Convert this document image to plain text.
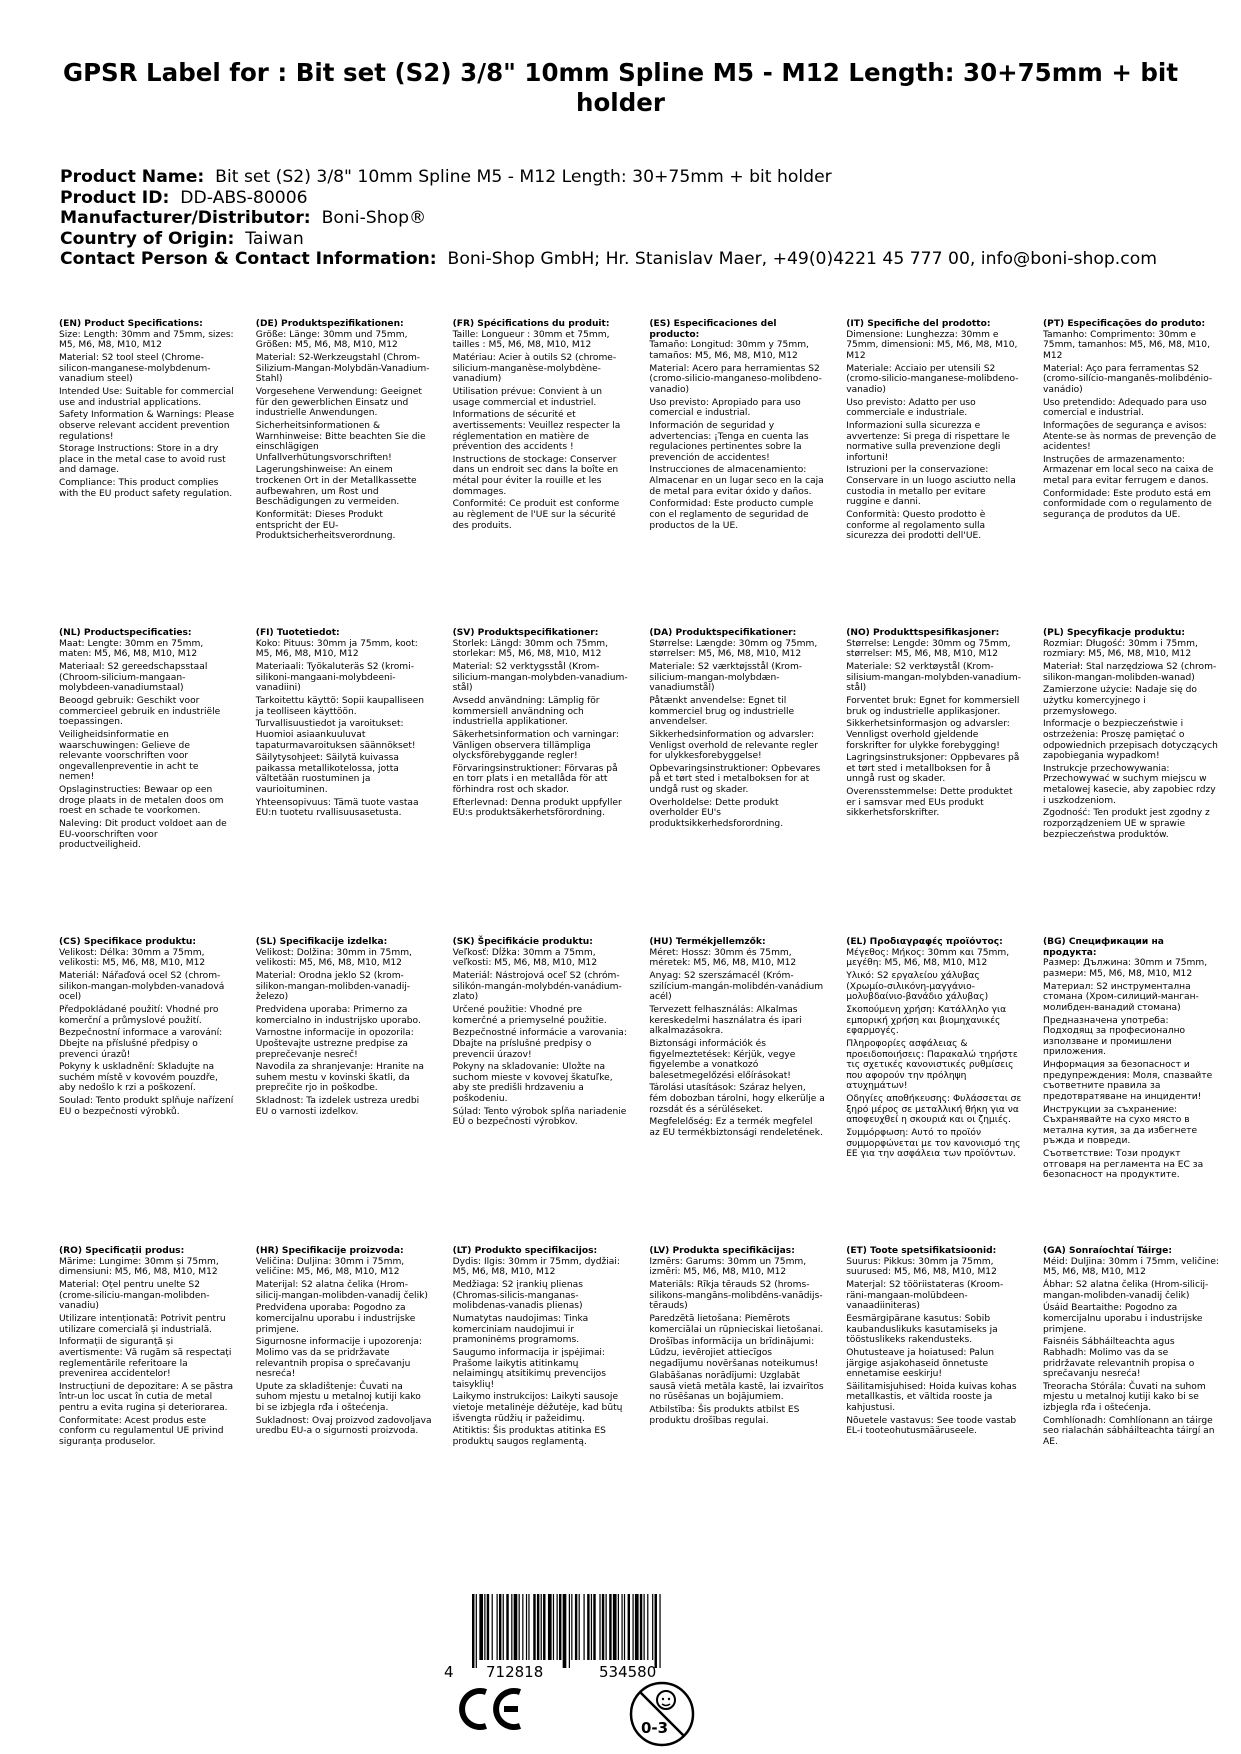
GPSR Label for : Bit set (S2) 3/8" 10mm Spline M5 - M12 Length: 30+75mm + bit holder
Product Name: Bit set (S2) 3/8" 10mm Spline M5 - M12 Length: 30+75mm + bit holder
Product ID: DD-ABS-80006
Manufacturer/Distributor: Boni-Shop®
Country of Origin: Taiwan
Contact Person & Contact Information: Boni-Shop GmbH; Hr. Stanislav Maer, +49(0)4221 45 777 00, info@boni-shop.com
(EN) Product Specifications:

Size: Length: 30mm and 75mm, sizes: M5, M6, M8, M10, M12

Material: S2 tool steel (Chrome-silicon-manganese-molybdenum-vanadium steel)

Intended Use: Suitable for commercial use and industrial applications.

Safety Information & Warnings: Please observe relevant accident prevention regulations!

Storage Instructions: Store in a dry place in the metal case to avoid rust and damage.

Compliance: This product complies with the EU product safety regulation.

(DE) Produktspezifikationen:

Größe: Länge: 30mm und 75mm, Größen: M5, M6, M8, M10, M12

Material: S2-Werkzeugstahl (Chrom-Silizium-Mangan-Molybdän-Vanadium-Stahl)

Vorgesehene Verwendung: Geeignet für den gewerblichen Einsatz und industrielle Anwendungen.

Sicherheitsinformationen & Warnhinweise: Bitte beachten Sie die einschlägigen Unfallverhütungsvorschriften!

Lagerungshinweise: An einem trockenen Ort in der Metallkassette aufbewahren, um Rost und Beschädigungen zu vermeiden.

Konformität: Dieses Produkt entspricht der EU-Produktsicherheitsverordnung.

(FR) Spécifications du produit:

Taille: Longueur : 30mm et 75mm, tailles : M5, M6, M8, M10, M12

Matériau: Acier à outils S2 (chrome-silicium-manganèse-molybdène-vanadium)

Utilisation prévue: Convient à un usage commercial et industriel.

Informations de sécurité et avertissements: Veuillez respecter la réglementation en matière de prévention des accidents !

Instructions de stockage: Conserver dans un endroit sec dans la boîte en métal pour éviter la rouille et les dommages.

Conformité: Ce produit est conforme au règlement de l'UE sur la sécurité des produits.

(ES) Especificaciones del producto:

Tamaño: Longitud: 30mm y 75mm, tamaños: M5, M6, M8, M10, M12

Material: Acero para herramientas S2 (cromo-silicio-manganeso-molibdeno-vanadio)

Uso previsto: Apropiado para uso comercial e industrial.

Información de seguridad y advertencias: ¡Tenga en cuenta las regulaciones pertinentes sobre la prevención de accidentes!

Instrucciones de almacenamiento: Almacenar en un lugar seco en la caja de metal para evitar óxido y daños.

Conformidad: Este producto cumple con el reglamento de seguridad de productos de la UE.

(IT) Specifiche del prodotto:

Dimensione: Lunghezza: 30mm e 75mm, dimensioni: M5, M6, M8, M10, M12

Materiale: Acciaio per utensili S2 (cromo-silicio-manganese-molibdeno-vanadio)

Uso previsto: Adatto per uso commerciale e industriale.

Informazioni sulla sicurezza e avvertenze: Si prega di rispettare le normative sulla prevenzione degli infortuni!

Istruzioni per la conservazione: Conservare in un luogo asciutto nella custodia in metallo per evitare ruggine e danni.

Conformità: Questo prodotto è conforme al regolamento sulla sicurezza dei prodotti dell'UE.

(PT) Especificações do produto:

Tamanho: Comprimento: 30mm e 75mm, tamanhos: M5, M6, M8, M10, M12

Material: Aço para ferramentas S2 (cromo-silício-manganês-molibdénio-vanádio)

Uso pretendido: Adequado para uso comercial e industrial.

Informações de segurança e avisos: Atente-se às normas de prevenção de acidentes!

Instruções de armazenamento: Armazenar em local seco na caixa de metal para evitar ferrugem e danos.

Conformidade: Este produto está em conformidade com o regulamento de segurança de produtos da UE.

(NL) Productspecificaties:

Maat: Lengte: 30mm en 75mm, maten: M5, M6, M8, M10, M12

Materiaal: S2 gereedschapsstaal (Chroom-silicium-mangaan-molybdeen-vanadiumstaal)

Beoogd gebruik: Geschikt voor commercieel gebruik en industriële toepassingen.

Veiligheidsinformatie en waarschuwingen: Gelieve de relevante voorschriften voor ongevallenpreventie in acht te nemen!

Opslaginstructies: Bewaar op een droge plaats in de metalen doos om roest en schade te voorkomen.

Naleving: Dit product voldoet aan de EU-voorschriften voor productveiligheid.

(FI) Tuotetiedot:

Koko: Pituus: 30mm ja 75mm, koot: M5, M6, M8, M10, M12

Materiaali: Työkaluteräs S2 (kromi-silikoni-mangaani-molybdeeni-vanadiini)

Tarkoitettu käyttö: Sopii kaupalliseen ja teolliseen käyttöön.

Turvallisuustiedot ja varoitukset: Huomioi asiaankuuluvat tapaturmavaroituksen säännökset!

Säilytysohjeet: Säilytä kuivassa paikassa metallikotelossa, jotta vältetään ruostuminen ja vaurioituminen.

Yhteensopivuus: Tämä tuote vastaa EU:n tuotetu rvallisuusasetusta.

(SV) Produktspecifikationer:

Storlek: Längd: 30mm och 75mm, storlekar: M5, M6, M8, M10, M12

Material: S2 verktygsstål (Krom-silicium-mangan-molybden-vanadium-stål)

Avsedd användning: Lämplig för kommersiell användning och industriella applikationer.

Säkerhetsinformation och varningar: Vänligen observera tillämpliga olycksförebyggande regler!

Förvaringsinstruktioner: Förvaras på en torr plats i en metallåda för att förhindra rost och skador.

Efterlevnad: Denna produkt uppfyller EU:s produktsäkerhetsförordning.

(DA) Produktspecifikationer:

Størrelse: Længde: 30mm og 75mm, størrelser: M5, M6, M8, M10, M12

Materiale: S2 værktøjsstål (Krom-silicium-mangan-molybdæn-vanadiumstål)

Påtænkt anvendelse: Egnet til kommerciel brug og industrielle anvendelser.

Sikkerhedsinformation og advarsler: Venligst overhold de relevante regler for ulykkesforebyggelse!

Opbevaringsinstruktioner: Opbevares på et tørt sted i metalboksen for at undgå rust og skader.

Overholdelse: Dette produkt overholder EU's produktsikkerhedsforordning.

(NO) Produkttspesifikasjoner:

Størrelse: Lengde: 30mm og 75mm, størrelser: M5, M6, M8, M10, M12

Materiale: S2 verktøystål (Krom-silisium-mangan-molybden-vanadium-stål)

Forventet bruk: Egnet for kommersiell bruk og industrielle applikasjoner.

Sikkerhetsinformasjon og advarsler: Vennligst overhold gjeldende forskrifter for ulykke forebygging!

Lagringsinstruksjoner: Oppbevares på et tørt sted i metallboksen for å unngå rust og skader.

Overensstemmelse: Dette produktet er i samsvar med EUs produkt sikkerhetsforskrifter.

(PL) Specyfikacje produktu:

Rozmiar: Długość: 30mm i 75mm, rozmiary: M5, M6, M8, M10, M12

Materiał: Stal narzędziowa S2 (chrom-silikon-mangan-molibden-wanad)

Zamierzone użycie: Nadaje się do użytku komercyjnego i przemysłowego.

Informacje o bezpieczeństwie i ostrzeżenia: Proszę pamiętać o odpowiednich przepisach dotyczących zapobiegania wypadkom!

Instrukcje przechowywania: Przechowywać w suchym miejscu w metalowej kasecie, aby zapobiec rdzy i uszkodzeniom.

Zgodność: Ten produkt jest zgodny z rozporządzeniem UE w sprawie bezpieczeństwa produktów.

(CS) Specifikace produktu:

Velikost: Délka: 30mm a 75mm, velikosti: M5, M6, M8, M10, M12

Materiál: Nářaďová ocel S2 (chrom-silikon-mangan-molybden-vanadová ocel)

Předpokládané použití: Vhodné pro komerční a průmyslové použití.

Bezpečnostní informace a varování: Dbejte na příslušné předpisy o prevenci úrazů!

Pokyny k uskladnění: Skladujte na suchém místě v kovovém pouzdře, aby nedošlo k rzi a poškození.

Soulad: Tento produkt splňuje nařízení EU o bezpečnosti výrobků.

(SL) Specifikacije izdelka:

Velikost: Dolžina: 30mm in 75mm, velikosti: M5, M6, M8, M10, M12

Material: Orodna jeklo S2 (krom-silikon-mangan-molibden-vanadij-železo)

Predvidena uporaba: Primerno za komercialno in industrijsko uporabo.

Varnostne informacije in opozorila: Upoštevajte ustrezne predpise za preprečevanje nesreč!

Navodila za shranjevanje: Hranite na suhem mestu v kovinski škatli, da preprečite rjo in poškodbe.

Skladnost: Ta izdelek ustreza uredbi EU o varnosti izdelkov.

(SK) Špecifikácie produktu:

Veľkosť: Dĺžka: 30mm a 75mm, veľkosti: M5, M6, M8, M10, M12

Materiál: Nástrojová oceľ S2 (chróm-silikón-mangán-molybdén-vanádium-zlato)

Určené použitie: Vhodné pre komerčné a priemyselné použitie.

Bezpečnostné informácie a varovania: Dbajte na príslušné predpisy o prevencii úrazov!

Pokyny na skladovanie: Uložte na suchom mieste v kovovej škatuľke, aby ste predišli hrdzaveniu a poškodeniu.

Súlad: Tento výrobok spĺňa nariadenie EÚ o bezpečnosti výrobkov.

(HU) Termékjellemzők:

Méret: Hossz: 30mm és 75mm, méretek: M5, M6, M8, M10, M12

Anyag: S2 szerszámacél (Króm-szilícium-mangán-molibdén-vanádium acél)

Tervezett felhasználás: Alkalmas kereskedelmi használatra és ipari alkalmazásokra.

Biztonsági információk és figyelmeztetések: Kérjük, vegye figyelembe a vonatkozó balesetmegelőzési előírásokat!

Tárolási utasítások: Száraz helyen, fém dobozban tárolni, hogy elkerülje a rozsdát és a sérüléseket.

Megfelelőség: Ez a termék megfelel az EU termékbiztonsági rendeletének.

(EL) Προδιαγραφές προϊόντος:

Μέγεθος: Μήκος: 30mm και 75mm, μεγέθη: M5, M6, M8, M10, M12

Υλικό: S2 εργαλείου χάλυβας (Χρωμίο-σιλικόνη-μαγγάνιο-μολυβδαίνιο-βανάδιο χάλυβας)

Σκοπούμενη χρήση: Κατάλληλο για εμπορική χρήση και βιομηχανικές εφαρμογές.

Πληροφορίες ασφάλειας & προειδοποιήσεις: Παρακαλώ τηρήστε τις σχετικές κανονιστικές ρυθμίσεις που αφορούν την πρόληψη ατυχημάτων!

Οδηγίες αποθήκευσης: Φυλάσσεται σε ξηρό μέρος σε μεταλλική θήκη για να αποφευχθεί η σκουριά και οι ζημιές.

Συμμόρφωση: Αυτό το προϊόν συμμορφώνεται με τον κανονισμό της ΕΕ για την ασφάλεια των προϊόντων.

(BG) Спецификации на продукта:

Размер: Дължина: 30mm и 75mm, размери: M5, M6, M8, M10, M12

Материал: S2 инструментална стомана (Хром-силиций-манган-молибден-ванадий стомана)

Предназначена употреба: Подходящ за професионално използване и промишлени приложения.

Информация за безопасност и предупреждения: Моля, спазвайте съответните правила за предотвратяване на инциденти!

Инструкции за съхранение: Съхранявайте на сухо място в метална кутия, за да избегнете ръжда и повреди.

Съответствие: Този продукт отговаря на регламента на ЕС за безопасност на продуктите.

(RO) Specificații produs:

Mărime: Lungime: 30mm și 75mm, dimensiuni: M5, M6, M8, M10, M12

Material: Oțel pentru unelte S2 (crome-siliciu-mangan-molibden-vanadiu)

Utilizare intenționată: Potrivit pentru utilizare comercială și industrială.

Informații de siguranță și avertismente: Vă rugăm să respectați reglementările referitoare la prevenirea accidentelor!

Instrucțiuni de depozitare: A se păstra într-un loc uscat în cutia de metal pentru a evita rugina și deteriorarea.

Conformitate: Acest produs este conform cu regulamentul UE privind siguranța produselor.

(HR) Specifikacije proizvoda:

Veličina: Duljina: 30mm i 75mm, veličine: M5, M6, M8, M10, M12

Materijal: S2 alatna čelika (Hrom-silicij-mangan-molibden-vanadij čelik)

Predviđena uporaba: Pogodno za komercijalnu uporabu i industrijske primjene.

Sigurnosne informacije i upozorenja: Molimo vas da se pridržavate relevantnih propisa o sprečavanju nesreća!

Upute za skladištenje: Čuvati na suhom mjestu u metalnoj kutiji kako bi se izbjegla rđa i oštećenja.

Sukladnost: Ovaj proizvod zadovoljava uredbu EU-a o sigurnosti proizvoda.

(LT) Produkto specifikacijos:

Dydis: Ilgis: 30mm ir 75mm, dydžiai: M5, M6, M8, M10, M12

Medžiaga: S2 įrankių plienas (Chromas-silicis-manganas-molibdenas-vanadis plienas)

Numatytas naudojimas: Tinka komerciniam naudojimui ir pramoninėms programoms.

Saugumo informacija ir įspėjimai: Prašome laikytis atitinkamų nelaimingų atsitikimų prevencijos taisyklių!

Laikymo instrukcijos: Laikyti sausoje vietoje metalinėje dėžutėje, kad būtų išvengta rūdžių ir pažeidimų.

Atitiktis: Šis produktas atitinka ES produktų saugos reglamentą.

(LV) Produkta specifikācijas:

Izmērs: Garums: 30mm un 75mm, izmēri: M5, M6, M8, M10, M12

Materiāls: Rīkja tērauds S2 (hroms-silikons-mangāns-molibdēns-vanādijs-tērauds)

Paredzētā lietošana: Piemērots komerciālai un rūpnieciskai lietošanai.

Drošības informācija un brīdinājumi: Lūdzu, ievērojiet attiecīgos negadījumu novēršanas noteikumus!

Glabāšanas norādījumi: Uzglabāt sausā vietā metāla kastē, lai izvairītos no rūsēšanas un bojājumiem.

Atbilstība: Šis produkts atbilst ES produktu drošības regulai.

(ET) Toote spetsifikatsioonid:

Suurus: Pikkus: 30mm ja 75mm, suurused: M5, M6, M8, M10, M12

Materjal: S2 tööriistateras (Kroom-räni-mangaan-molübdeen-vanaadiiniteras)

Eesmärgipärane kasutus: Sobib kaubanduslikuks kasutamiseks ja tööstuslikeks rakendusteks.

Ohutusteave ja hoiatused: Palun järgige asjakohaseid õnnetuste ennetamise eeskirju!

Säilitamisjuhised: Hoida kuivas kohas metallkastis, et vältida rooste ja kahjustusi.

Nõuetele vastavus: See toode vastab EL-i tooteohutusmääruseele.

(GA) Sonraíochtaí Táirge:

Méid: Duljina: 30mm i 75mm, veličine: M5, M6, M8, M10, M12

Ábhar: S2 alatna čelika (Hrom-silicij-mangan-molibden-vanadij čelik)

Úsáid Beartaithe: Pogodno za komercijalnu uporabu i industrijske primjene.

Faisnéis Sábháilteachta agus Rabhadh: Molimo vas da se pridržavate relevantnih propisa o sprečavanju nesreća!

Treoracha Stórála: Čuvati na suhom mjestu u metalnoj kutiji kako bi se izbjegla rđa i oštećenja.

Comhlíonadh: Comhlíonann an táirge seo rialachán sábháilteachta táirgí an AE.

4 712818	534580
0-3
